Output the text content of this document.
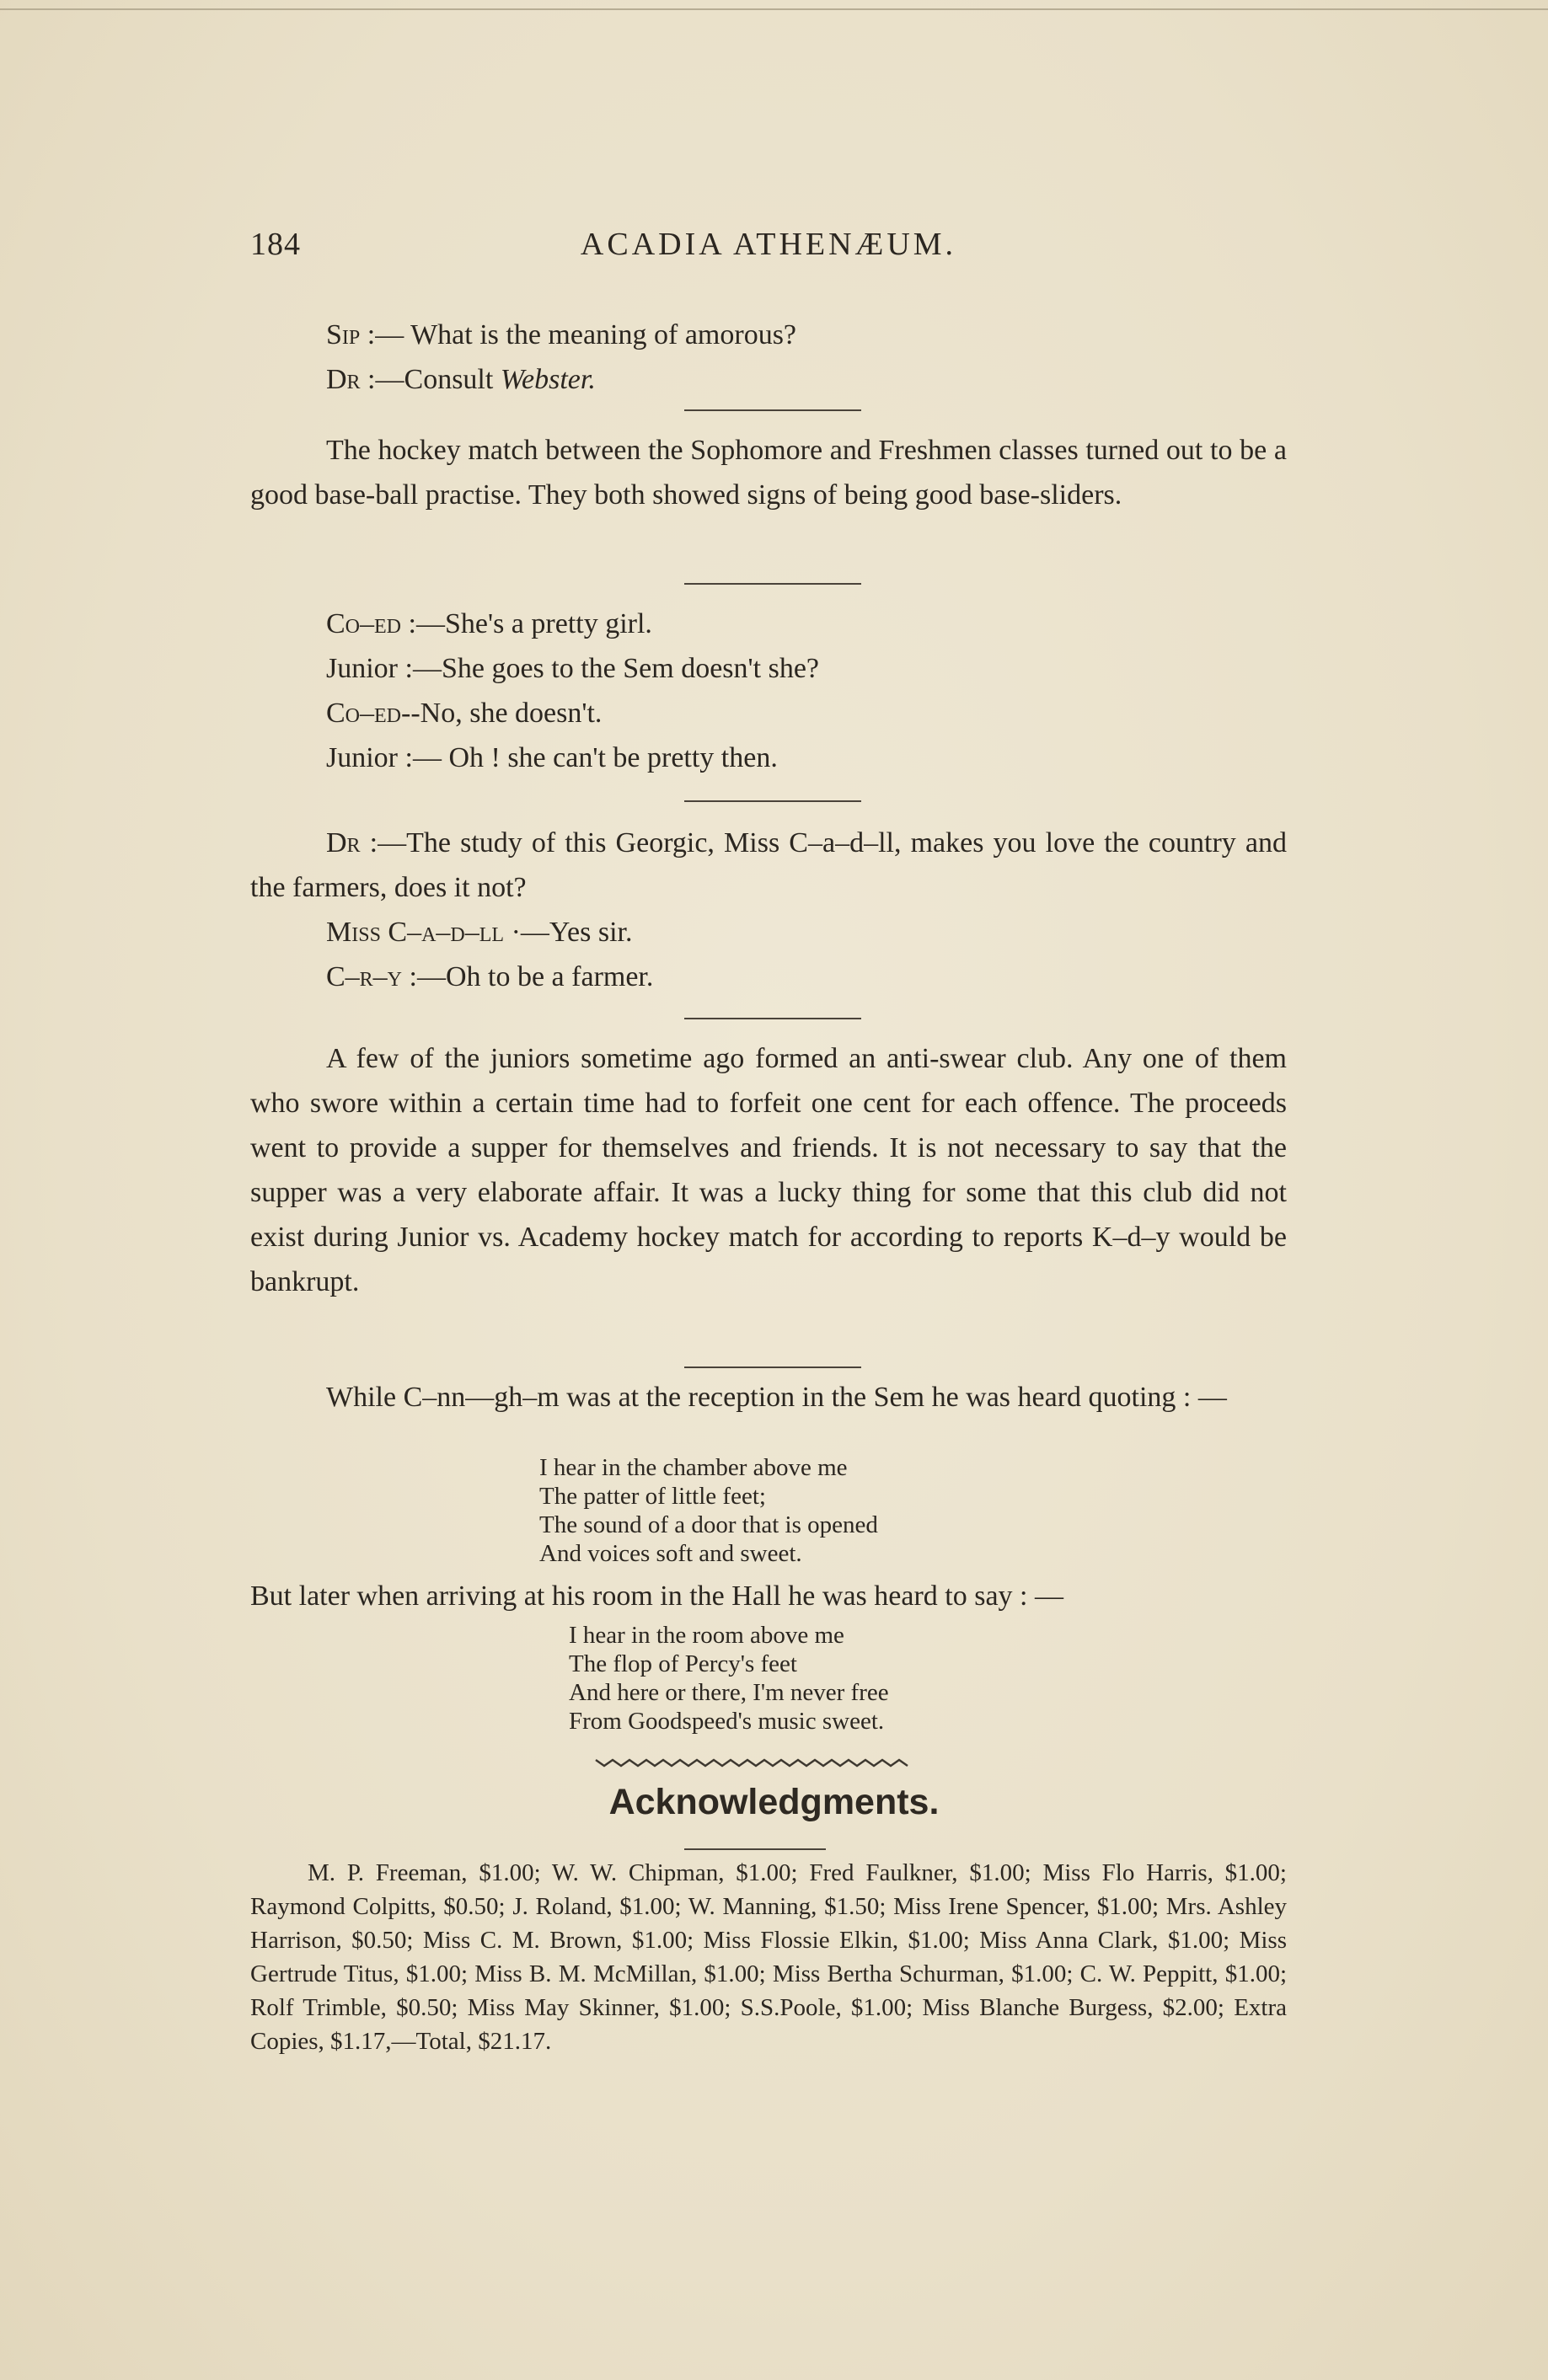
184	ACADIA ATHENÆUM.
Sip :— What is the meaning of amorous?
Dr :—Consult Webster.
The hockey match between the Sophomore and Freshmen classes turned out to be a good base-ball practise. They both showed signs of being good base-sliders.
Co–ed :—She's a pretty girl.
Junior :—She goes to the Sem doesn't she?
Co–ed--No, she doesn't.
Junior :— Oh ! she can't be pretty then.
Dr :—The study of this Georgic, Miss C–a–d–ll, makes you love the country and the farmers, does it not?
Miss C–a–d–ll ·—Yes sir.
C–r–y :—Oh to be a farmer.
A few of the juniors sometime ago formed an anti-swear club. Any one of them who swore within a certain time had to forfeit one cent for each offence. The proceeds went to provide a supper for themselves and friends. It is not necessary to say that the supper was a very elaborate affair. It was a lucky thing for some that this club did not exist during Junior vs. Academy hockey match for according to reports K–d–y would be bankrupt.
While C–nn—gh–m was at the reception in the Sem he was heard quoting : —
I hear in the chamber above me
The patter of little feet;
The sound of a door that is opened
And voices soft and sweet.
But later when arriving at his room in the Hall he was heard to say : —
I hear in the room above me
The flop of Percy's feet
And here or there, I'm never free
From Goodspeed's music sweet.
Acknowledgments.
M. P. Freeman, $1.00; W. W. Chipman, $1.00; Fred Faulkner, $1.00; Miss Flo Harris, $1.00; Raymond Colpitts, $0.50; J. Roland, $1.00; W. Manning, $1.50; Miss Irene Spencer, $1.00; Mrs. Ashley Harrison, $0.50; Miss C. M. Brown, $1.00; Miss Flossie Elkin, $1.00; Miss Anna Clark, $1.00; Miss Gertrude Titus, $1.00; Miss B. M. McMillan, $1.00; Miss Bertha Schurman, $1.00; C. W. Peppitt, $1.00; Rolf Trimble, $0.50; Miss May Skinner, $1.00; S.S.Poole, $1.00; Miss Blanche Burgess, $2.00; Extra Copies, $1.17,—Total, $21.17.
